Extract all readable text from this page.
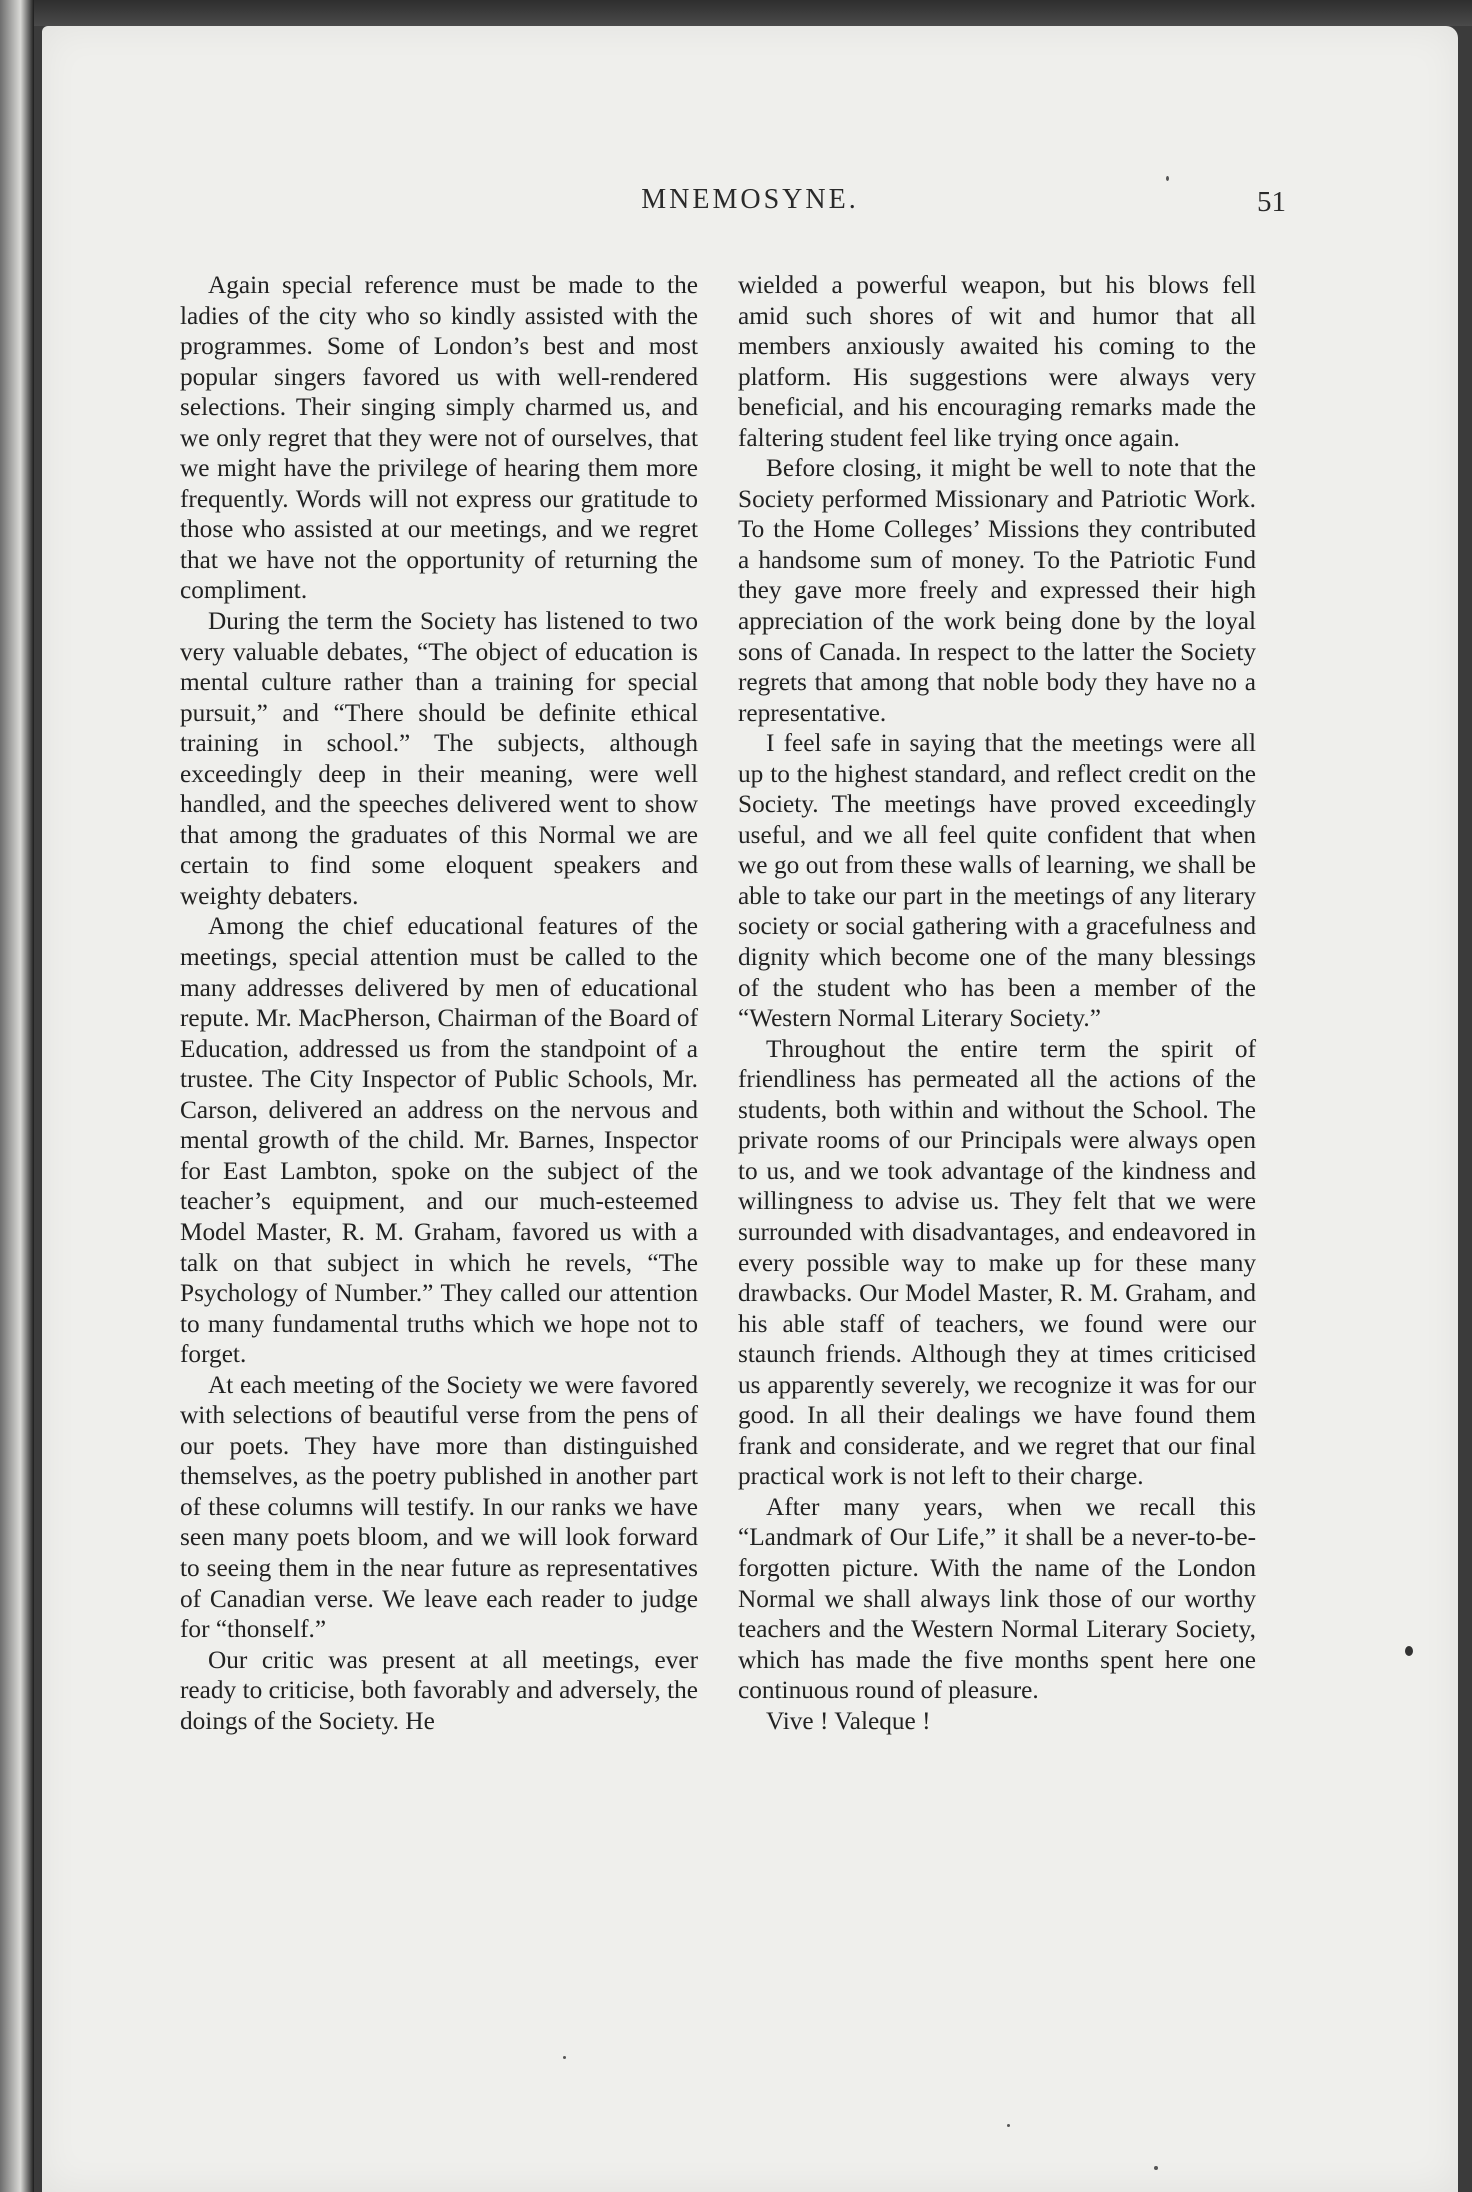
MNEMOSYNE.	51

Again special reference must be made to the ladies of the city who so kindly assisted with the programmes. Some of London’s best and most popular singers favored us with well-rendered selections. Their singing simply charmed us, and we only regret that they were not of ourselves, that we might have the privilege of hearing them more frequently. Words will not express our gratitude to those who assisted at our meetings, and we regret that we have not the opportunity of returning the compliment.

During the term the Society has listened to two very valuable debates, “The object of education is mental culture rather than a training for special pursuit,” and “There should be definite ethical training in school.” The subjects, although exceedingly deep in their meaning, were well handled, and the speeches delivered went to show that among the graduates of this Normal we are certain to find some eloquent speakers and weighty debaters.

Among the chief educational features of the meetings, special attention must be called to the many addresses delivered by men of educational repute. Mr. MacPherson, Chairman of the Board of Education, addressed us from the standpoint of a trustee. The City Inspector of Public Schools, Mr. Carson, delivered an address on the nervous and mental growth of the child. Mr. Barnes, Inspector for East Lambton, spoke on the subject of the teacher’s equipment, and our much-esteemed Model Master, R. M. Graham, favored us with a talk on that subject in which he revels, “The Psychology of Number.” They called our attention to many fundamental truths which we hope not to forget.

At each meeting of the Society we were favored with selections of beautiful verse from the pens of our poets. They have more than distinguished themselves, as the poetry published in another part of these columns will testify. In our ranks we have seen many poets bloom, and we will look forward to seeing them in the near future as representatives of Canadian verse. We leave each reader to judge for “thonself.”

Our critic was present at all meetings, ever ready to criticise, both favorably and adversely, the doings of the Society. He

wielded a powerful weapon, but his blows fell amid such shores of wit and humor that all members anxiously awaited his coming to the platform. His suggestions were always very beneficial, and his encouraging remarks made the faltering student feel like trying once again.

Before closing, it might be well to note that the Society performed Missionary and Patriotic Work. To the Home Colleges’ Missions they contributed a handsome sum of money. To the Patriotic Fund they gave more freely and expressed their high appreciation of the work being done by the loyal sons of Canada. In respect to the latter the Society regrets that among that noble body they have no a representative.

I feel safe in saying that the meetings were all up to the highest standard, and reflect credit on the Society. The meetings have proved exceedingly useful, and we all feel quite confident that when we go out from these walls of learning, we shall be able to take our part in the meetings of any literary society or social gathering with a gracefulness and dignity which become one of the many blessings of the student who has been a member of the “Western Normal Literary Society.”

Throughout the entire term the spirit of friendliness has permeated all the actions of the students, both within and without the School. The private rooms of our Principals were always open to us, and we took advantage of the kindness and willingness to advise us. They felt that we were surrounded with disadvantages, and endeavored in every possible way to make up for these many drawbacks. Our Model Master, R. M. Graham, and his able staff of teachers, we found were our staunch friends. Although they at times criticised us apparently severely, we recognize it was for our good. In all their dealings we have found them frank and considerate, and we regret that our final practical work is not left to their charge.

After many years, when we recall this “Landmark of Our Life,” it shall be a never-to-be-forgotten picture. With the name of the London Normal we shall always link those of our worthy teachers and the Western Normal Literary Society, which has made the five months spent here one continuous round of pleasure.

Vive ! Valeque !
